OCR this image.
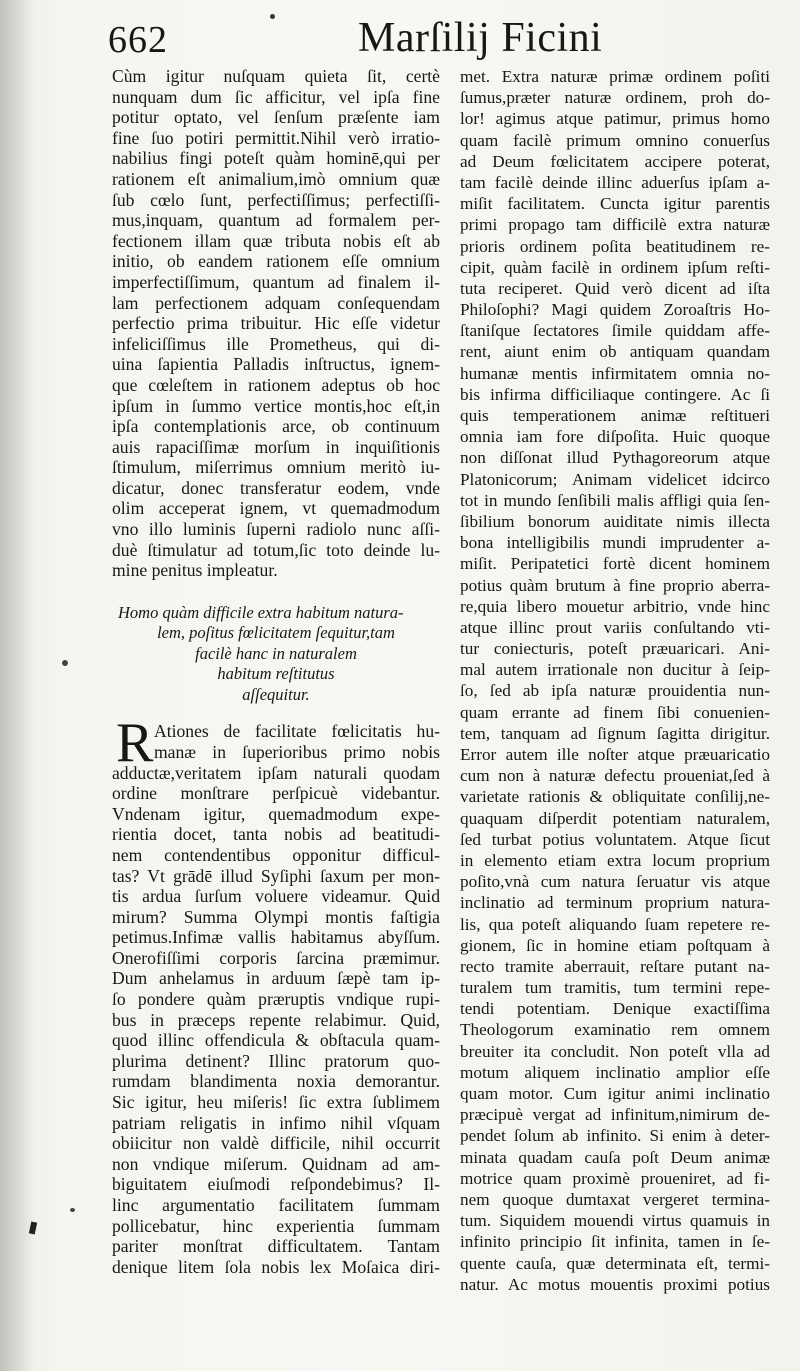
662	Marſilij Ficini
Cùm igitur nuſquam quieta ſit, certè
nunquam dum ſic afficitur, vel ipſa fine
potitur optato, vel ſenſum præſente iam
fine ſuo potiri permittit.Nihil verò irratio-
nabilius fingi poteſt quàm hominē,qui per
rationem eſt animalium,imò omnium quæ
ſub cœlo ſunt, perfectiſſimus; perfectiſſi-
mus,inquam, quantum ad formalem per-
fectionem illam quæ tributa nobis eſt ab
initio, ob eandem rationem eſſe omnium
imperfectiſſimum, quantum ad finalem il-
lam perfectionem adquam conſequendam
perfectio prima tribuitur. Hic eſſe videtur
infeliciſſimus ille Prometheus, qui di-
uina ſapientia Palladis inſtructus, ignem-
que cœleſtem in rationem adeptus ob hoc
ipſum in ſummo vertice montis,hoc eſt,in
ipſa contemplationis arce, ob continuum
auis rapaciſſimæ morſum in inquiſitionis
ſtimulum, miſerrimus omnium meritò iu-
dicatur, donec transferatur eodem, vnde
olim acceperat ignem, vt quemadmodum
vno illo luminis ſuperni radiolo nunc aſſi-
duè ſtimulatur ad totum,ſic toto deinde lu-
mine penitus impleatur.
Homo quàm difficile extra habitum natura-
lem, poſitus fœlicitatem ſequitur,tam
facilè hanc in naturalem
habitum reſtitutus
aſſequitur.
R Ationes de facilitate fœlicitatis hu-
manæ in ſuperioribus primo nobis
adductæ,veritatem ipſam naturali quodam
ordine monſtrare perſpicuè videbantur.
Vndenam igitur, quemadmodum expe-
rientia docet, tanta nobis ad beatitudi-
nem contendentibus opponitur difficul-
tas? Vt grādē illud Syſiphi ſaxum per mon-
tis ardua ſurſum voluere videamur. Quid
mirum? Summa Olympi montis faſtigia
petimus.Infimæ vallis habitamus abyſſum.
Onerofiſſimi corporis ſarcina præmimur.
Dum anhelamus in arduum ſæpè tam ip-
ſo pondere quàm præruptis vndique rupi-
bus in præceps repente relabimur. Quid,
quod illinc offendicula & obſtacula quam-
plurima detinent? Illinc pratorum quo-
rumdam blandimenta noxia demorantur.
Sic igitur, heu miſeris! ſic extra ſublimem
patriam religatis in infimo nihil vſquam
obiicitur non valdè difficile, nihil occurrit
non vndique miſerum. Quidnam ad am-
biguitatem eiuſmodi reſpondebimus? Il-
linc argumentatio facilitatem ſummam
pollicebatur, hinc experientia ſummam
pariter monſtrat difficultatem. Tantam
denique litem ſola nobis lex Moſaica diri-
met. Extra naturæ primæ ordinem poſiti
ſumus,præter naturæ ordinem, proh do-
lor! agimus atque patimur, primus homo
quam facilè primum omnino conuerſus
ad Deum fœlicitatem accipere poterat,
tam facilè deinde illinc aduerſus ipſam a-
miſit facilitatem. Cuncta igitur parentis
primi propago tam difficilè extra naturæ
prioris ordinem poſita beatitudinem re-
cipit, quàm facilè in ordinem ipſum reſti-
tuta reciperet. Quid verò dicent ad iſta
Philoſophi? Magi quidem Zoroaſtris Ho-
ſtaniſque ſectatores ſimile quiddam affe-
rent, aiunt enim ob antiquam quandam
humanæ mentis infirmitatem omnia no-
bis infirma difficiliaque contingere. Ac ſi
quis temperationem animæ reſtitueri
omnia iam fore diſpoſita. Huic quoque
non diſſonat illud Pythagoreorum atque
Platonicorum; Animam videlicet idcirco
tot in mundo ſenſibili malis affligi quia ſen-
ſibilium bonorum auiditate nimis illecta
bona intelligibilis mundi imprudenter a-
miſit. Peripatetici fortè dicent hominem
potius quàm brutum à fine proprio aberra-
re,quia libero mouetur arbitrio, vnde hinc
atque illinc prout variis conſultando vti-
tur coniecturis, poteſt præuaricari. Ani-
mal autem irrationale non ducitur à ſeip-
ſo, ſed ab ipſa naturæ prouidentia nun-
quam errante ad finem ſibi conuenien-
tem, tanquam ad ſignum ſagitta dirigitur.
Error autem ille noſter atque præuaricatio
cum non à naturæ defectu proueniat,ſed à
varietate rationis & obliquitate conſilij,ne-
quaquam diſperdit potentiam naturalem,
ſed turbat potius voluntatem. Atque ſicut
in elemento etiam extra locum proprium
poſito,vnà cum natura ſeruatur vis atque
inclinatio ad terminum proprium natura-
lis, qua poteſt aliquando ſuam repetere re-
gionem, ſic in homine etiam poſtquam à
recto tramite aberrauit, reſtare putant na-
turalem tum tramitis, tum termini repe-
tendi potentiam. Denique exactiſſima
Theologorum examinatio rem omnem
breuiter ita concludit. Non poteſt vlla ad
motum aliquem inclinatio amplior eſſe
quam motor. Cum igitur animi inclinatio
præcipuè vergat ad infinitum,nimirum de-
pendet ſolum ab infinito. Si enim à deter-
minata quadam cauſa poſt Deum animæ
motrice quam proximè proueniret, ad fi-
nem quoque dumtaxat vergeret termina-
tum. Siquidem mouendi virtus quamuis in
infinito principio ſit infinita, tamen in ſe-
quente cauſa, quæ determinata eſt, termi-
natur. Ac motus mouentis proximi potius
